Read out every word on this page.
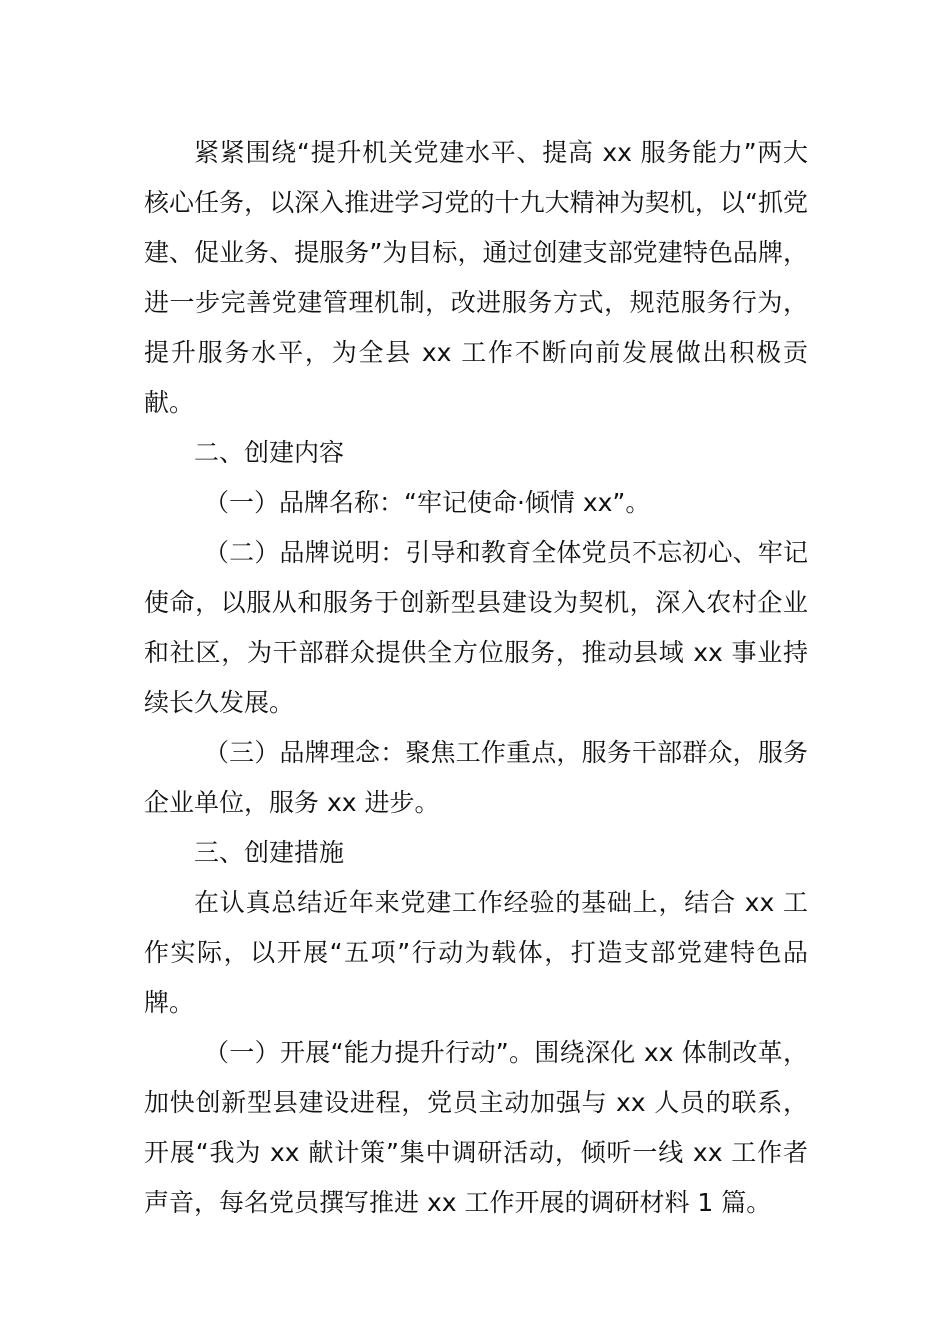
紧紧围绕“提升机关党建水平、提高 xx 服务能力”两大核心任务，以深入推进学习党的十九大精神为契机，以“抓党建、促业务、提服务”为目标，通过创建支部党建特色品牌，进一步完善党建管理机制，改进服务方式，规范服务行为，提升服务水平，为全县 xx 工作不断向前发展做出积极贡献。

二、创建内容

（一）品牌名称：“牢记使命·倾情 xx”。

（二）品牌说明：引导和教育全体党员不忘初心、牢记使命，以服从和服务于创新型县建设为契机，深入农村企业和社区，为干部群众提供全方位服务，推动县域 xx 事业持续长久发展。

（三）品牌理念：聚焦工作重点，服务干部群众，服务企业单位，服务 xx 进步。

三、创建措施

在认真总结近年来党建工作经验的基础上，结合 xx 工作实际，以开展“五项”行动为载体，打造支部党建特色品牌。

（一）开展“能力提升行动”。围绕深化 xx 体制改革，加快创新型县建设进程，党员主动加强与 xx 人员的联系，开展“我为 xx 献计策”集中调研活动，倾听一线 xx 工作者声音，每名党员撰写推进 xx 工作开展的调研材料 1 篇。
